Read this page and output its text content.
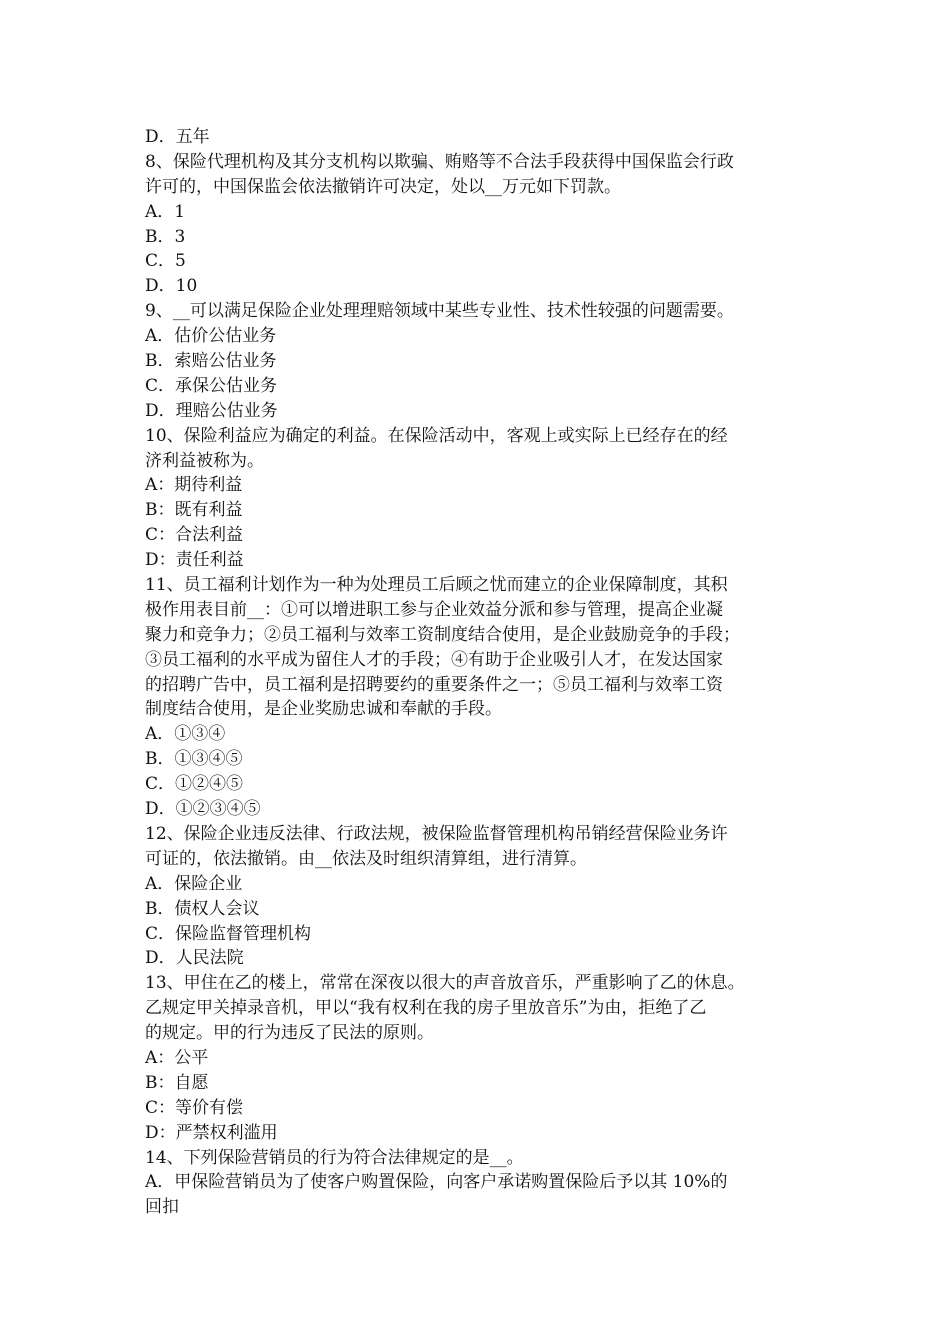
D．五年
8、保险代理机构及其分支机构以欺骗、贿赂等不合法手段获得中国保监会行政
许可的，中国保监会依法撤销许可决定，处以__万元如下罚款。
A．1
B．3
C．5
D．10
9、__可以满足保险企业处理理赔领域中某些专业性、技术性较强的问题需要。
A．估价公估业务
B．索赔公估业务
C．承保公估业务
D．理赔公估业务
10、保险利益应为确定的利益。在保险活动中，客观上或实际上已经存在的经
济利益被称为。
A：期待利益
B：既有利益
C：合法利益
D：责任利益
11、员工福利计划作为一种为处理员工后顾之忧而建立的企业保障制度，其积
极作用表目前__：①可以增进职工参与企业效益分派和参与管理，提高企业凝
聚力和竞争力；②员工福利与效率工资制度结合使用，是企业鼓励竞争的手段；
③员工福利的水平成为留住人才的手段；④有助于企业吸引人才，在发达国家
的招聘广告中，员工福利是招聘要约的重要条件之一；⑤员工福利与效率工资
制度结合使用，是企业奖励忠诚和奉献的手段。
A．①③④
B．①③④⑤
C．①②④⑤
D．①②③④⑤
12、保险企业违反法律、行政法规，被保险监督管理机构吊销经营保险业务许
可证的，依法撤销。由__依法及时组织清算组，进行清算。
A．保险企业
B．债权人会议
C．保险监督管理机构
D．人民法院
13、甲住在乙的楼上，常常在深夜以很大的声音放音乐，严重影响了乙的休息。
乙规定甲关掉录音机，甲以“我有权利在我的房子里放音乐”为由，拒绝了乙
的规定。甲的行为违反了民法的原则。
A：公平
B：自愿
C：等价有偿
D：严禁权利滥用
14、下列保险营销员的行为符合法律规定的是__。
A．甲保险营销员为了使客户购置保险，向客户承诺购置保险后予以其 10%的
回扣
